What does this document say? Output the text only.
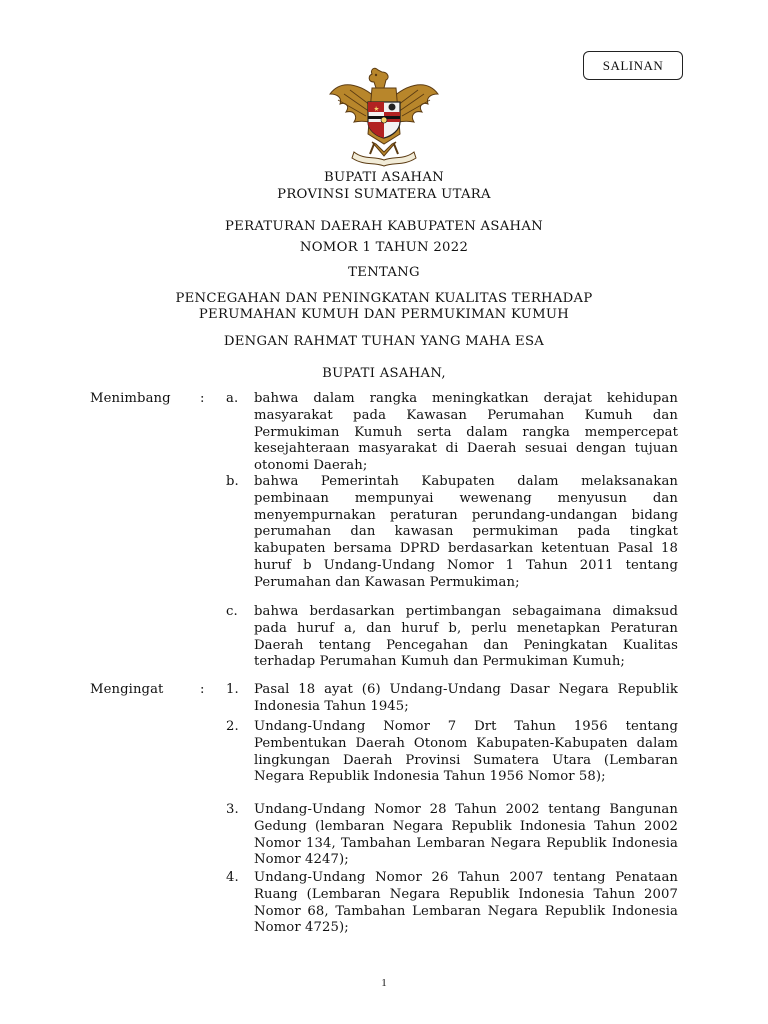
SALINAN
BUPATI ASAHAN
PROVINSI SUMATERA UTARA
PERATURAN DAERAH KABUPATEN ASAHAN
NOMOR 1 TAHUN 2022
TENTANG
PENCEGAHAN DAN PENINGKATAN KUALITAS TERHADAP
PERUMAHAN KUMUH DAN PERMUKIMAN KUMUH
DENGAN RAHMAT TUHAN YANG MAHA ESA
BUPATI ASAHAN,
Menimbang	:	a.	bahwa dalam rangka meningkatkan derajat kehidupan masyarakat pada Kawasan Perumahan Kumuh dan Permukiman Kumuh serta dalam rangka mempercepat kesejahteraan masyarakat di Daerah sesuai dengan tujuan otonomi Daerah;
b.	bahwa Pemerintah Kabupaten dalam melaksanakan pembinaan mempunyai wewenang menyusun dan menyempurnakan peraturan perundang-undangan bidang perumahan dan kawasan permukiman pada tingkat kabupaten bersama DPRD berdasarkan ketentuan Pasal 18 huruf b Undang-Undang Nomor 1 Tahun 2011 tentang Perumahan dan Kawasan Permukiman;
c.	bahwa berdasarkan pertimbangan sebagaimana dimaksud pada huruf a, dan huruf b, perlu menetapkan Peraturan Daerah tentang Pencegahan dan Peningkatan Kualitas terhadap Perumahan Kumuh dan Permukiman Kumuh;
Mengingat	:	1.	Pasal 18 ayat (6) Undang-Undang Dasar Negara Republik Indonesia Tahun 1945;
2.	Undang-Undang Nomor 7 Drt Tahun 1956 tentang Pembentukan Daerah Otonom Kabupaten-Kabupaten dalam lingkungan Daerah Provinsi Sumatera Utara (Lembaran Negara Republik Indonesia Tahun 1956 Nomor 58);
3.	Undang-Undang Nomor 28 Tahun 2002 tentang Bangunan Gedung (lembaran Negara Republik Indonesia Tahun 2002 Nomor 134, Tambahan Lembaran Negara Republik Indonesia Nomor 4247);
4.	Undang-Undang Nomor 26 Tahun 2007 tentang Penataan Ruang (Lembaran Negara Republik Indonesia Tahun 2007 Nomor 68, Tambahan Lembaran Negara Republik Indonesia Nomor 4725);
1
